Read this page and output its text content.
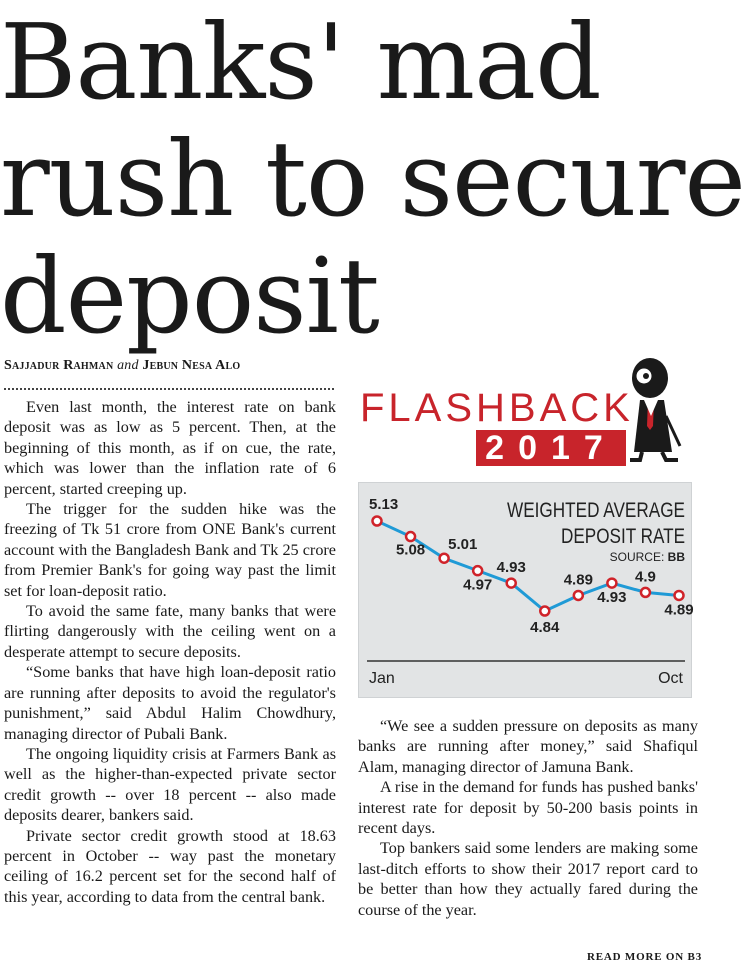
Banks' mad
rush to secure
deposit
Sajjadur Rahman and Jebun Nesa Alo

Even last month, the interest rate on bank deposit was as low as 5 percent. Then, at the beginning of this month, as if on cue, the rate, which was lower than the inflation rate of 6 percent, started creeping up.

The trigger for the sudden hike was the freezing of Tk 51 crore from ONE Bank's current account with the Bangladesh Bank and Tk 25 crore from Premier Bank's for going way past the limit set for loan-deposit ratio.

To avoid the same fate, many banks that were flirting dangerously with the ceiling went on a desperate attempt to secure deposits.

“Some banks that have high loan-deposit ratio are running after deposits to avoid the regulator's punishment,” said Abdul Halim Chowdhury, managing director of Pubali Bank.

The ongoing liquidity crisis at Farmers Bank as well as the higher-than-expected private sector credit growth -- over 18 percent -- also made deposits dearer, bankers said.

Private sector credit growth stood at 18.63 percent in October -- way past the monetary ceiling of 16.2 percent set for the second half of this year, according to data from the central bank.

FLASHBACK
2017
WEIGHTED AVERAGE
DEPOSIT RATE
SOURCE: BB
Jan	Oct
5.13
5.08 5.01
4.97
4.93
4.84
4.89
4.93
4.9
4.89

“We see a sudden pressure on deposits as many banks are running after money,” said Shafiqul Alam, managing director of Jamuna Bank.

A rise in the demand for funds has pushed banks' interest rate for deposit by 50-200 basis points in recent days.

Top bankers said some lenders are making some last-ditch efforts to show their 2017 report card to be better than how they actually fared during the course of the year.

READ MORE ON B3
